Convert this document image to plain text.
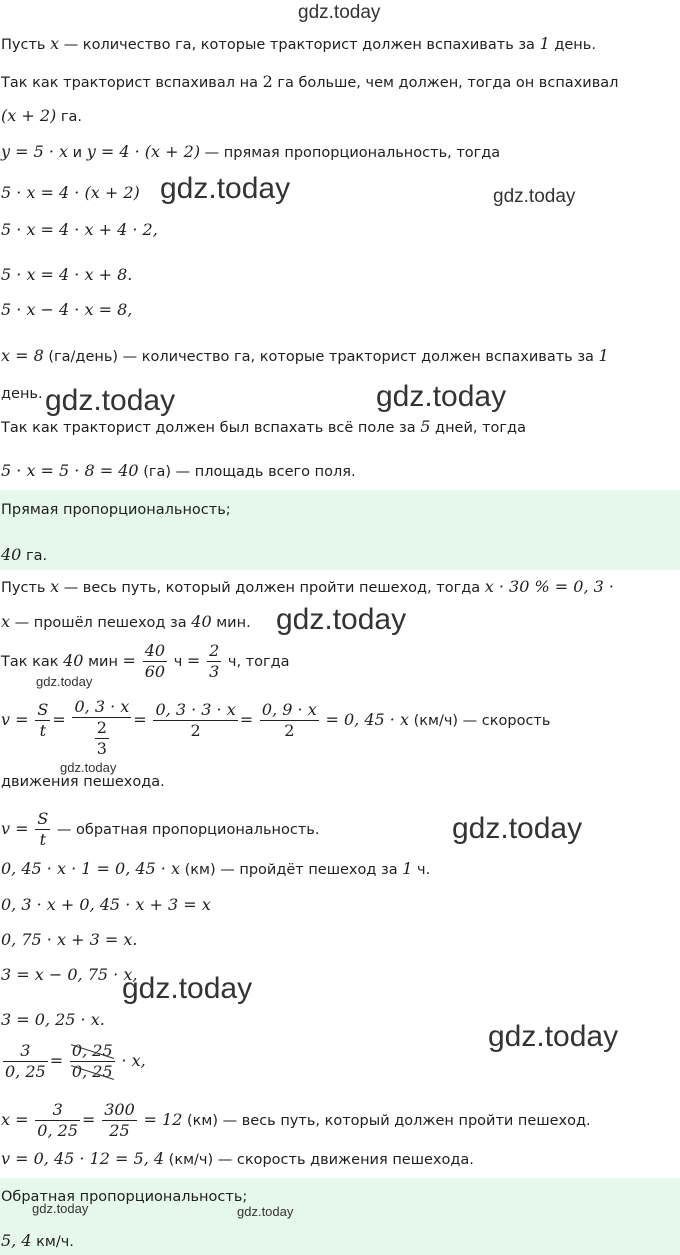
gdz.today
Пусть x — количество га, которые тракторист должен вспахивать за 1 день.
Так как тракторист вспахивал на 2 га больше, чем должен, тогда он вспахивал
(x + 2) га.
y = 5 · x и y = 4 · (x + 2) — прямая пропорциональность, тогда
5 · x = 4 · (x + 2) gdz.today	gdz.today
5 · x = 4 · x + 4 · 2,
5 · x = 4 · x + 8.
5 · x − 4 · x = 8,
x = 8 (га/день) — количество га, которые тракторист должен вспахивать за 1
день. gdz.today	gdz.today
Так как тракторист должен был вспахать всё поле за 5 дней, тогда
5 · x = 5 · 8 = 40 (га) — площадь всего поля.
Прямая пропорциональность;
40 га.
Пусть x — весь путь, который должен пройти пешеход, тогда x · 30 % = 0, 3 ·
x — прошёл пешеход за 40 мин. gdz.today
Так как 40 мин = $\frac{40}{60}$ $ч = \frac{2}{3} ч$, тогда
gdz.today
$v = \frac{S}{t} = \frac{0, 3 \cdot x}{\frac{2}{3}} = \frac{0, 3 \cdot 3 \cdot x}{2} = \frac{0, 9 \cdot x}{2} = 0$, 45 · x (км/ч) — скорость
gdz.today
движения пешехода.
$v = \frac{S}{t}$ — обратная пропорциональность.	gdz.today
0, 45 · x · 1 = 0, 45 · x (км) — пройдёт пешеход за 1 ч.
0, 3 · x + 0, 45 · x + 3 = x
0, 75 · x + 3 = x.
3 = x − 0, 75 · x,
gdz.today
3 = 0, 25 · x.
$\frac{3}{0, 25} = \frac{0, 25}{0, 25} \cdot x$,
gdz.today
$x = \frac{3}{0, 25} = \frac{300}{25} = 12$ (км) — весь путь, который должен пройти пешеход.
v = 0, 45 · 12 = 5, 4 (км/ч) — скорость движения пешехода.
Обратная пропорциональность;
5, 4 км/ч.
gdz.today	gdz.today
